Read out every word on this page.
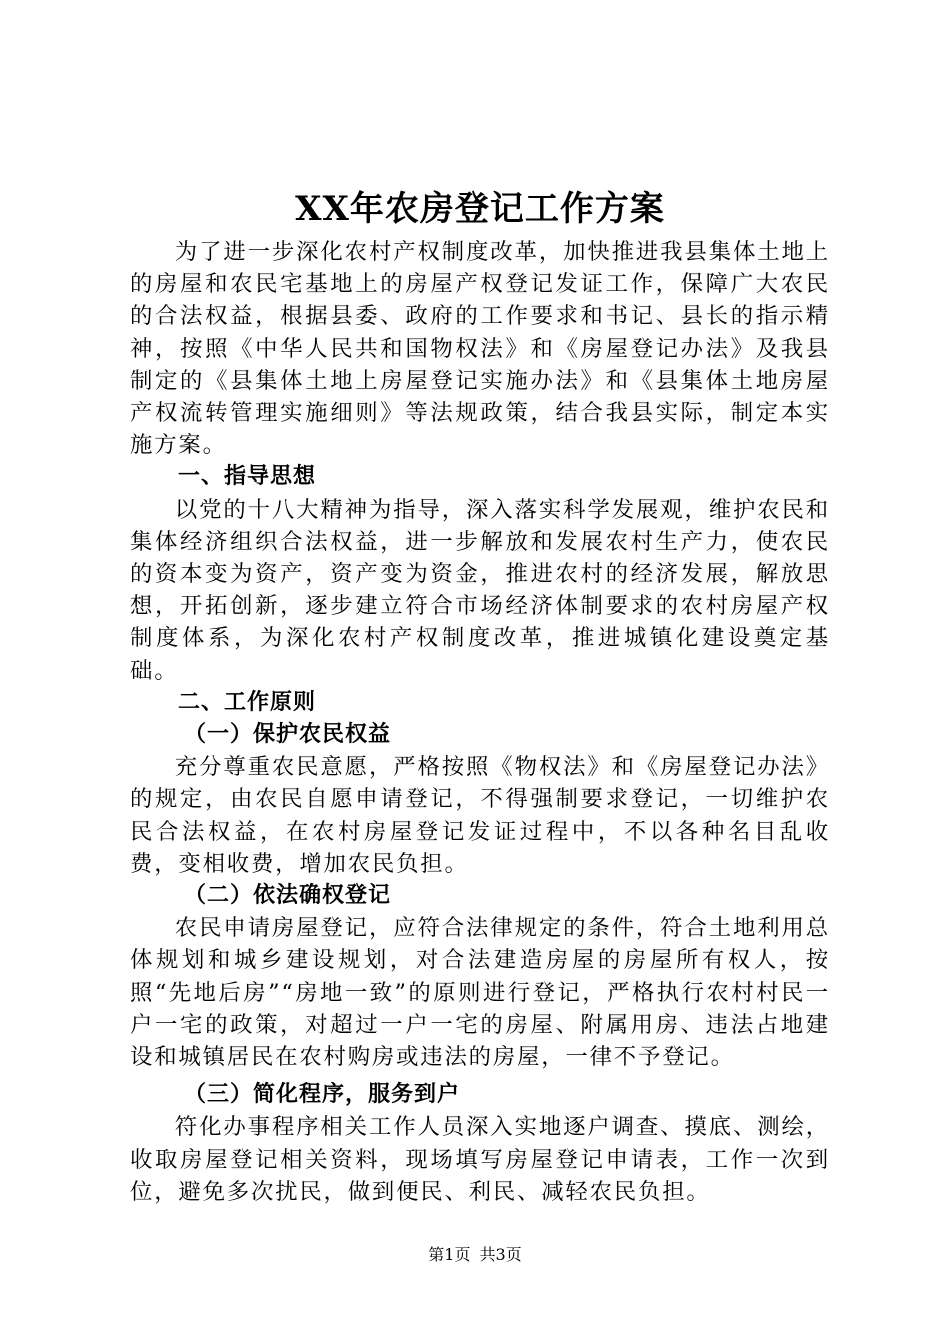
XX年农房登记工作方案

为了进一步深化农村产权制度改革，加快推进我县集体土地上的房屋和农民宅基地上的房屋产权登记发证工作，保障广大农民的合法权益，根据县委、政府的工作要求和书记、县长的指示精神，按照《中华人民共和国物权法》和《房屋登记办法》及我县制定的《县集体土地上房屋登记实施办法》和《县集体土地房屋产权流转管理实施细则》等法规政策，结合我县实际，制定本实施方案。

一、指导思想

以党的十八大精神为指导，深入落实科学发展观，维护农民和集体经济组织合法权益，进一步解放和发展农村生产力，使农民的资本变为资产，资产变为资金，推进农村的经济发展，解放思想，开拓创新，逐步建立符合市场经济体制要求的农村房屋产权制度体系，为深化农村产权制度改革，推进城镇化建设奠定基础。

二、工作原则

（一）保护农民权益

充分尊重农民意愿，严格按照《物权法》和《房屋登记办法》的规定，由农民自愿申请登记，不得强制要求登记，一切维护农民合法权益，在农村房屋登记发证过程中，不以各种名目乱收费，变相收费，增加农民负担。

（二）依法确权登记

农民申请房屋登记，应符合法律规定的条件，符合土地利用总体规划和城乡建设规划，对合法建造房屋的房屋所有权人，按照“先地后房”“房地一致”的原则进行登记，严格执行农村村民一户一宅的政策，对超过一户一宅的房屋、附属用房、违法占地建设和城镇居民在农村购房或违法的房屋，一律不予登记。

（三）简化程序，服务到户

符化办事程序相关工作人员深入实地逐户调查、摸底、测绘，收取房屋登记相关资料，现场填写房屋登记申请表，工作一次到位，避免多次扰民，做到便民、利民、减轻农民负担。

第1页 共3页
